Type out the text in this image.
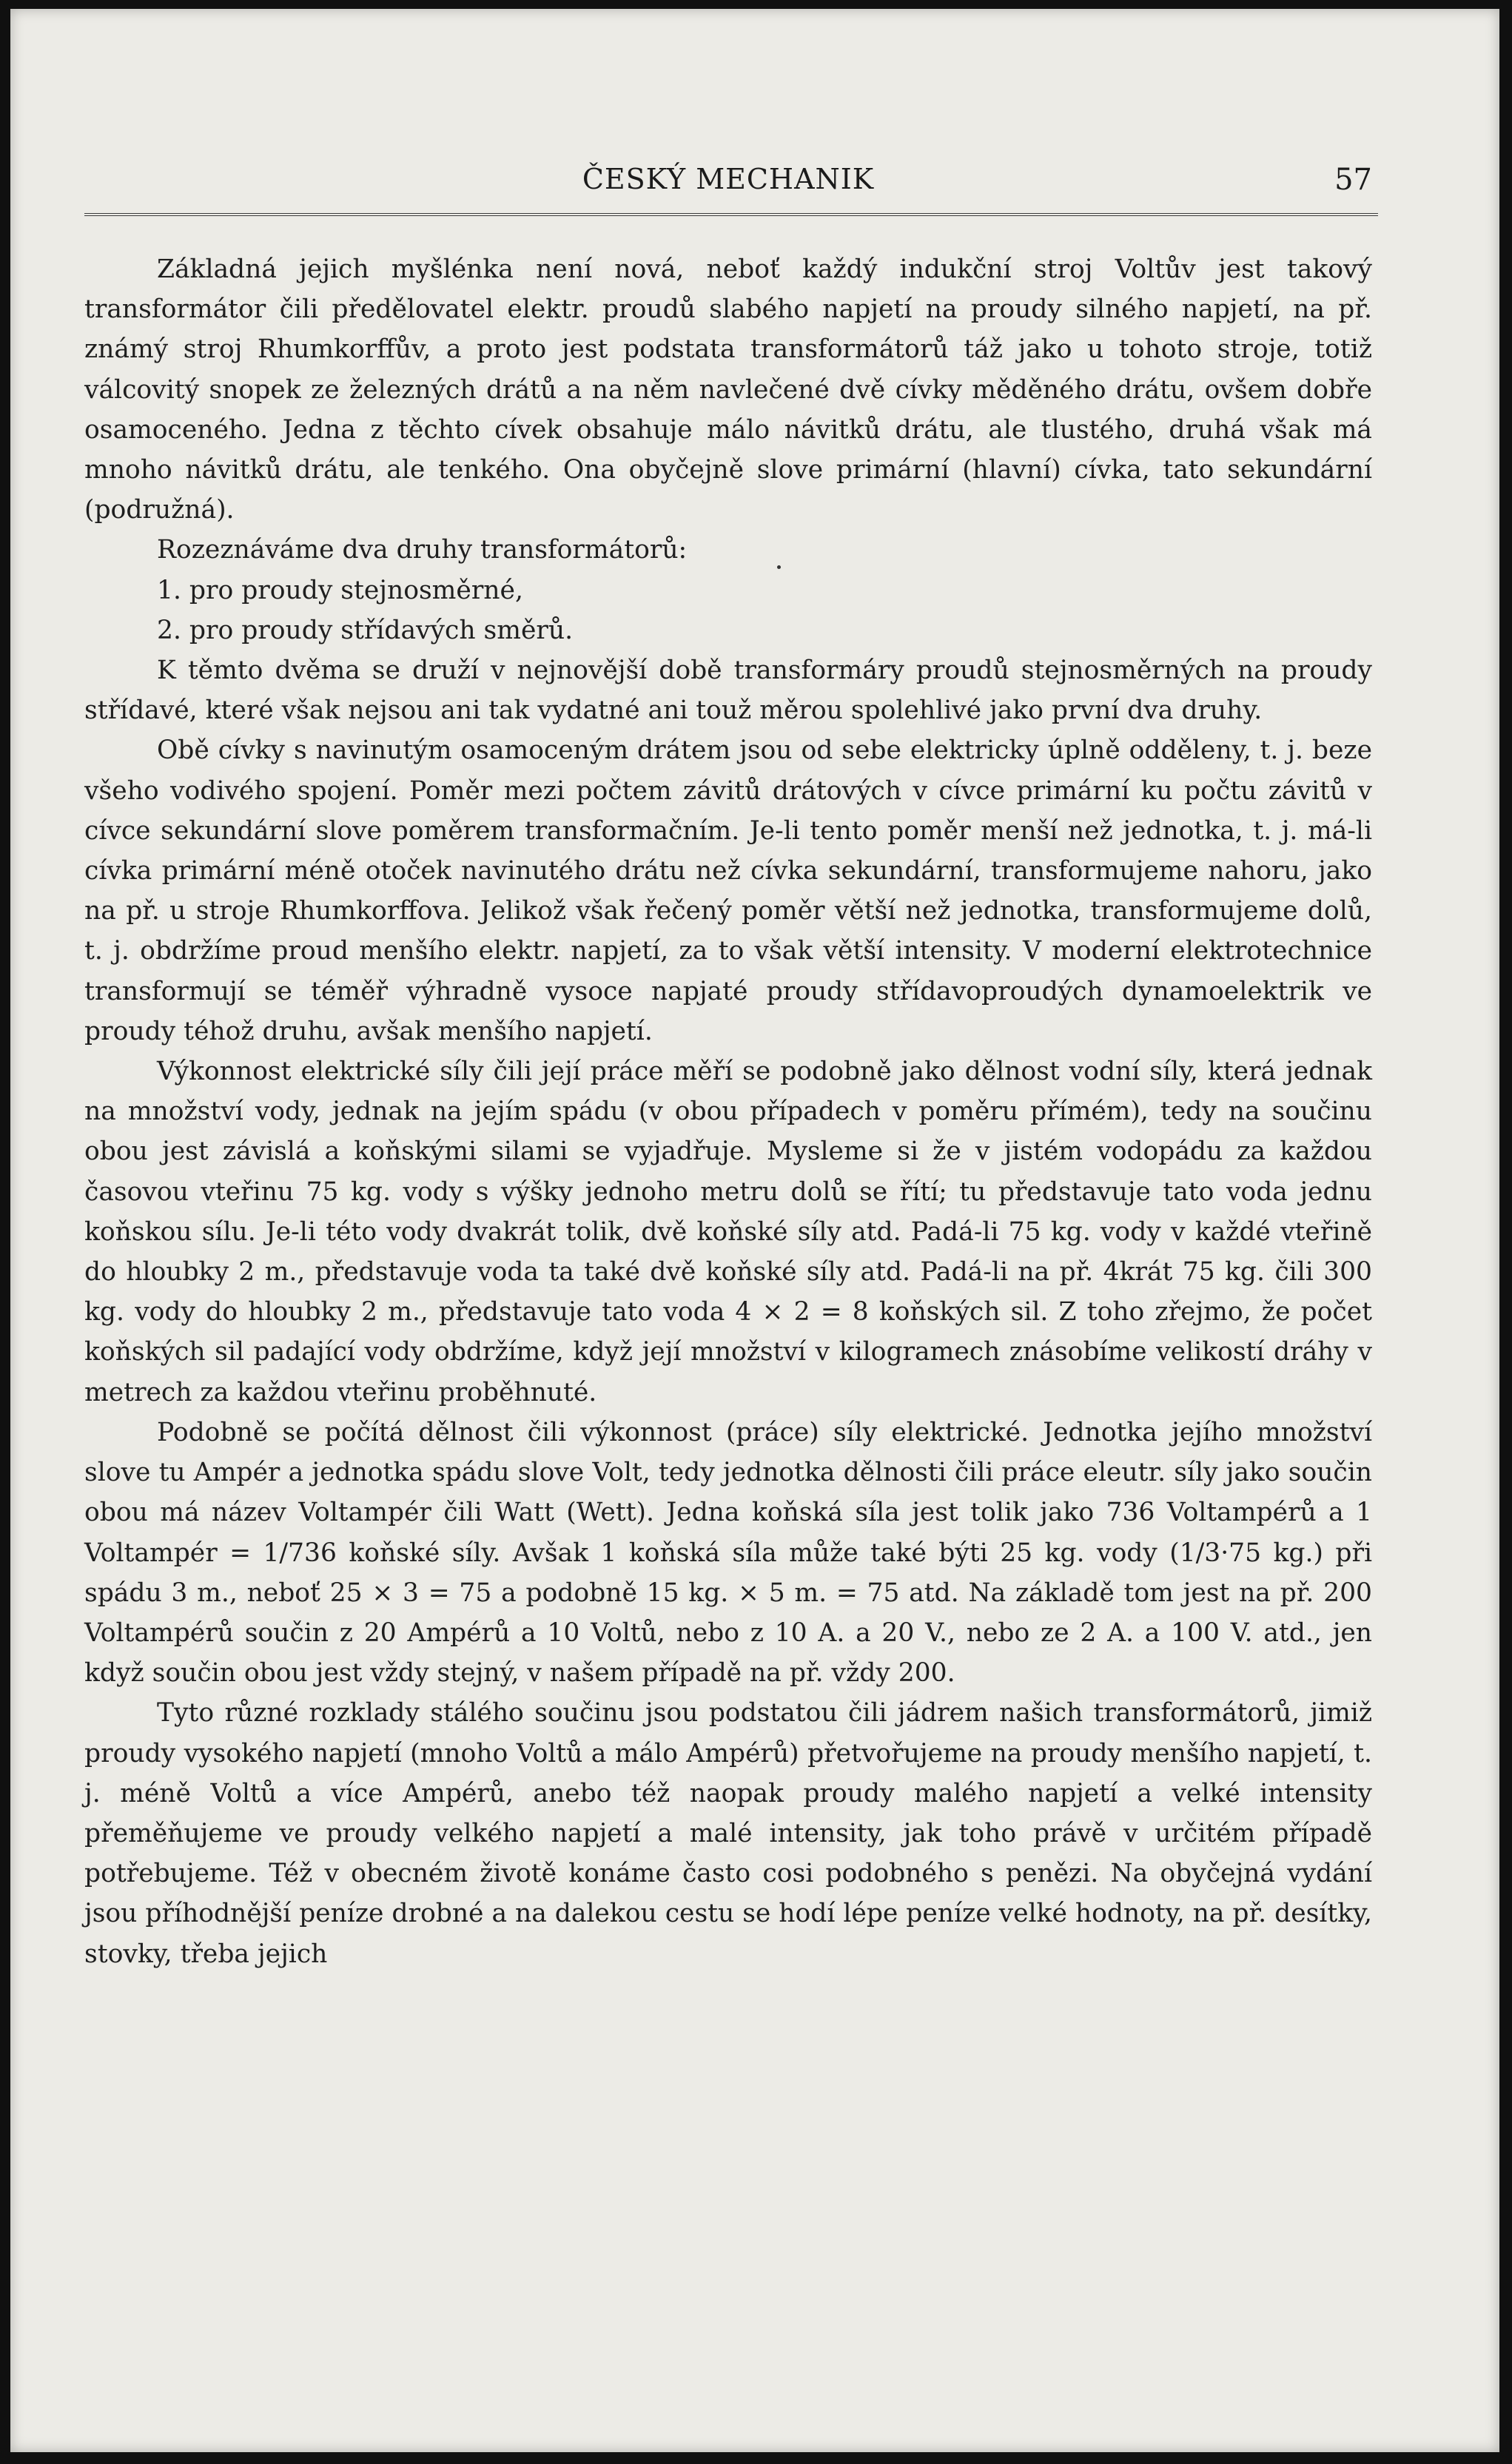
ČESKÝ MECHANIK	57

Základná jejich myšlénka není nová, neboť každý indukční stroj Voltův jest takový transformátor čili předělovatel elektr. proudů slabého napjetí na proudy silného napjetí, na př. známý stroj Rhumkorffův, a proto jest podstata transformátorů táž jako u tohoto stroje, totiž válcovitý snopek ze železných drátů a na něm navlečené dvě cívky měděného drátu, ovšem dobře osamoceného. Jedna z těchto cívek obsahuje málo návitků drátu, ale tlustého, druhá však má mnoho návitků drátu, ale tenkého. Ona obyčejně slove primární (hlavní) cívka, tato sekundární (podružná).

Rozeznáváme dva druhy transformátorů:

1. pro proudy stejnosměrné,

2. pro proudy střídavých směrů.

K těmto dvěma se druží v nejnovější době transformáry proudů stejnosměrných na proudy střídavé, které však nejsou ani tak vydatné ani touž měrou spolehlivé jako první dva druhy.

Obě cívky s navinutým osamoceným drátem jsou od sebe elektricky úplně odděleny, t. j. beze všeho vodivého spojení. Poměr mezi počtem závitů drátových v cívce primární ku počtu závitů v cívce sekundární slove poměrem transformačním. Je-li tento poměr menší než jednotka, t. j. má-li cívka primární méně otoček navinutého drátu než cívka sekundární, transformujeme nahoru, jako na př. u stroje Rhumkorffova. Jelikož však řečený poměr větší než jednotka, transformujeme dolů, t. j. obdržíme proud menšího elektr. napjetí, za to však větší intensity. V moderní elektrotechnice transformují se téměř výhradně vysoce napjaté proudy střídavoproudých dynamoelektrik ve proudy téhož druhu, avšak menšího napjetí.

Výkonnost elektrické síly čili její práce měří se podobně jako dělnost vodní síly, která jednak na množství vody, jednak na jejím spádu (v obou případech v poměru přímém), tedy na součinu obou jest závislá a koňskými silami se vyjadřuje. Mysleme si že v jistém vodopádu za každou časovou vteřinu 75 kg. vody s výšky jednoho metru dolů se řítí; tu představuje tato voda jednu koňskou sílu. Je-li této vody dvakrát tolik, dvě koňské síly atd. Padá-li 75 kg. vody v každé vteřině do hloubky 2 m., představuje voda ta také dvě koňské síly atd. Padá-li na př. 4krát 75 kg. čili 300 kg. vody do hloubky 2 m., představuje tato voda 4 × 2 = 8 koňských sil. Z toho zřejmo, že počet koňských sil padající vody obdržíme, když její množství v kilogramech znásobíme velikostí dráhy v metrech za každou vteřinu proběhnuté.

Podobně se počítá dělnost čili výkonnost (práce) síly elektrické. Jednotka jejího množství slove tu Ampér a jednotka spádu slove Volt, tedy jednotka dělnosti čili práce eleutr. síly jako součin obou má název Voltampér čili Watt (Wett). Jedna koňská síla jest tolik jako 736 Voltampérů a 1 Voltampér = 1/736 koňské síly. Avšak 1 koňská síla může také býti 25 kg. vody (1/3·75 kg.) při spádu 3 m., neboť 25 × 3 = 75 a podobně 15 kg. × 5 m. = 75 atd. Na základě tom jest na př. 200 Voltampérů součin z 20 Ampérů a 10 Voltů, nebo z 10 A. a 20 V., nebo ze 2 A. a 100 V. atd., jen když součin obou jest vždy stejný, v našem případě na př. vždy 200.

Tyto různé rozklady stálého součinu jsou podstatou čili jádrem našich transformátorů, jimiž proudy vysokého napjetí (mnoho Voltů a málo Ampérů) přetvořujeme na proudy menšího napjetí, t. j. méně Voltů a více Ampérů, anebo též naopak proudy malého napjetí a velké intensity přeměňujeme ve proudy velkého napjetí a malé intensity, jak toho právě v určitém případě potřebujeme. Též v obecném životě konáme často cosi podobného s penězi. Na obyčejná vydání jsou příhodnější peníze drobné a na dalekou cestu se hodí lépe peníze velké hodnoty, na př. desítky, stovky, třeba jejich
